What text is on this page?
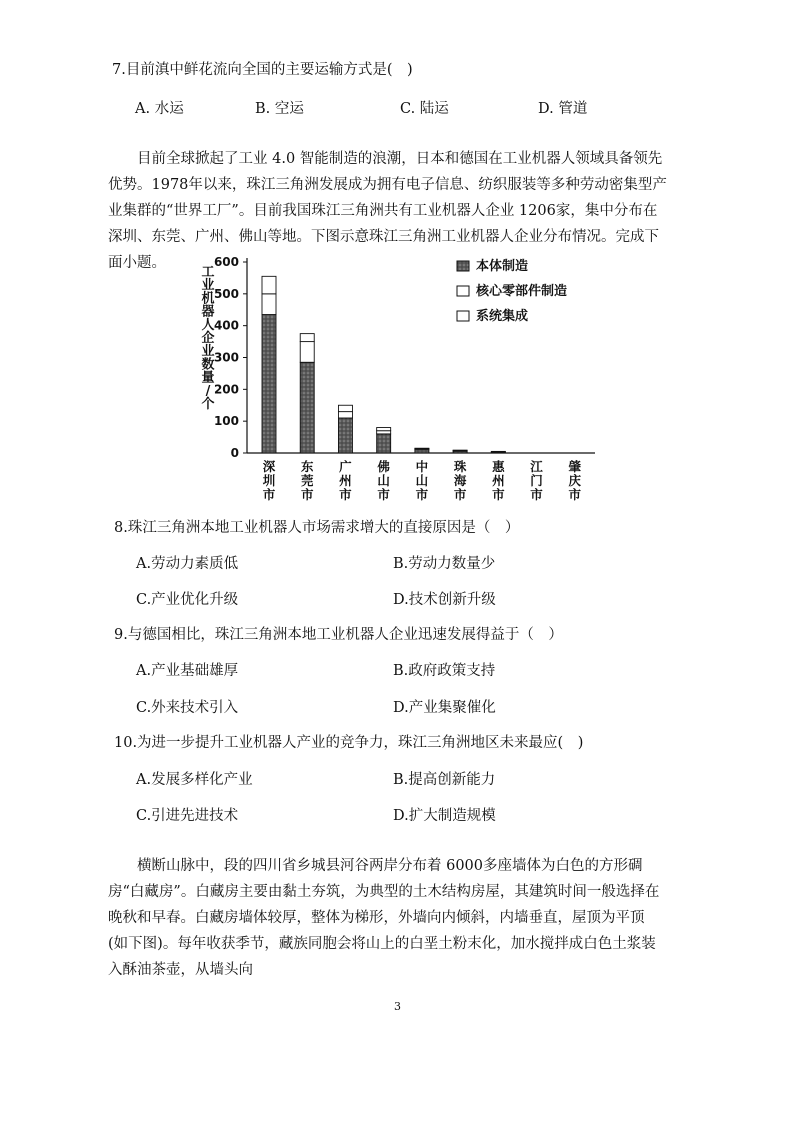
7.目前滇中鲜花流向全国的主要运输方式是(　)
A. 水运	B. 空运	C. 陆运	D. 管道
目前全球掀起了工业 4.0 智能制造的浪潮，日本和德国在工业机器人领域具备领先优势。1978年以来，珠江三角洲发展成为拥有电子信息、纺织服装等多种劳动密集型产业集群的“世界工厂”。目前我国珠江三角洲共有工业机器人企业 1206家，集中分布在深圳、东莞、广州、佛山等地。下图示意珠江三角洲工业机器人企业分布情况。完成下面小题。
工
业
机
器
人
企
业
数
量
/
个
0
100
200
300
400
500
600
深
圳
市
东
莞
市
广
州
市
佛
山
市
中
山
市
珠
海
市
惠
州
市
江
门
市
肇
庆
市
本体制造
核心零部件制造
系统集成
8.珠江三角洲本地工业机器人市场需求增大的直接原因是（　）
A.劳动力素质低	B.劳动力数量少
C.产业优化升级	D.技术创新升级
9.与德国相比，珠江三角洲本地工业机器人企业迅速发展得益于（　）
A.产业基础雄厚	B.政府政策支持
C.外来技术引入	D.产业集聚催化
10.为进一步提升工业机器人产业的竞争力，珠江三角洲地区未来最应(　)
A.发展多样化产业	B.提高创新能力
C.引进先进技术	D.扩大制造规模
横断山脉中，段的四川省乡城县河谷两岸分布着 6000多座墙体为白色的方形碉房“白藏房”。白藏房主要由黏土夯筑，为典型的土木结构房屋，其建筑时间一般选择在晚秋和早春。白藏房墙体较厚，整体为梯形，外墙向内倾斜，内墙垂直，屋顶为平顶 (如下图)。每年收获季节，藏族同胞会将山上的白垩土粉末化，加水搅拌成白色土浆装入酥油茶壶，从墙头向
3
